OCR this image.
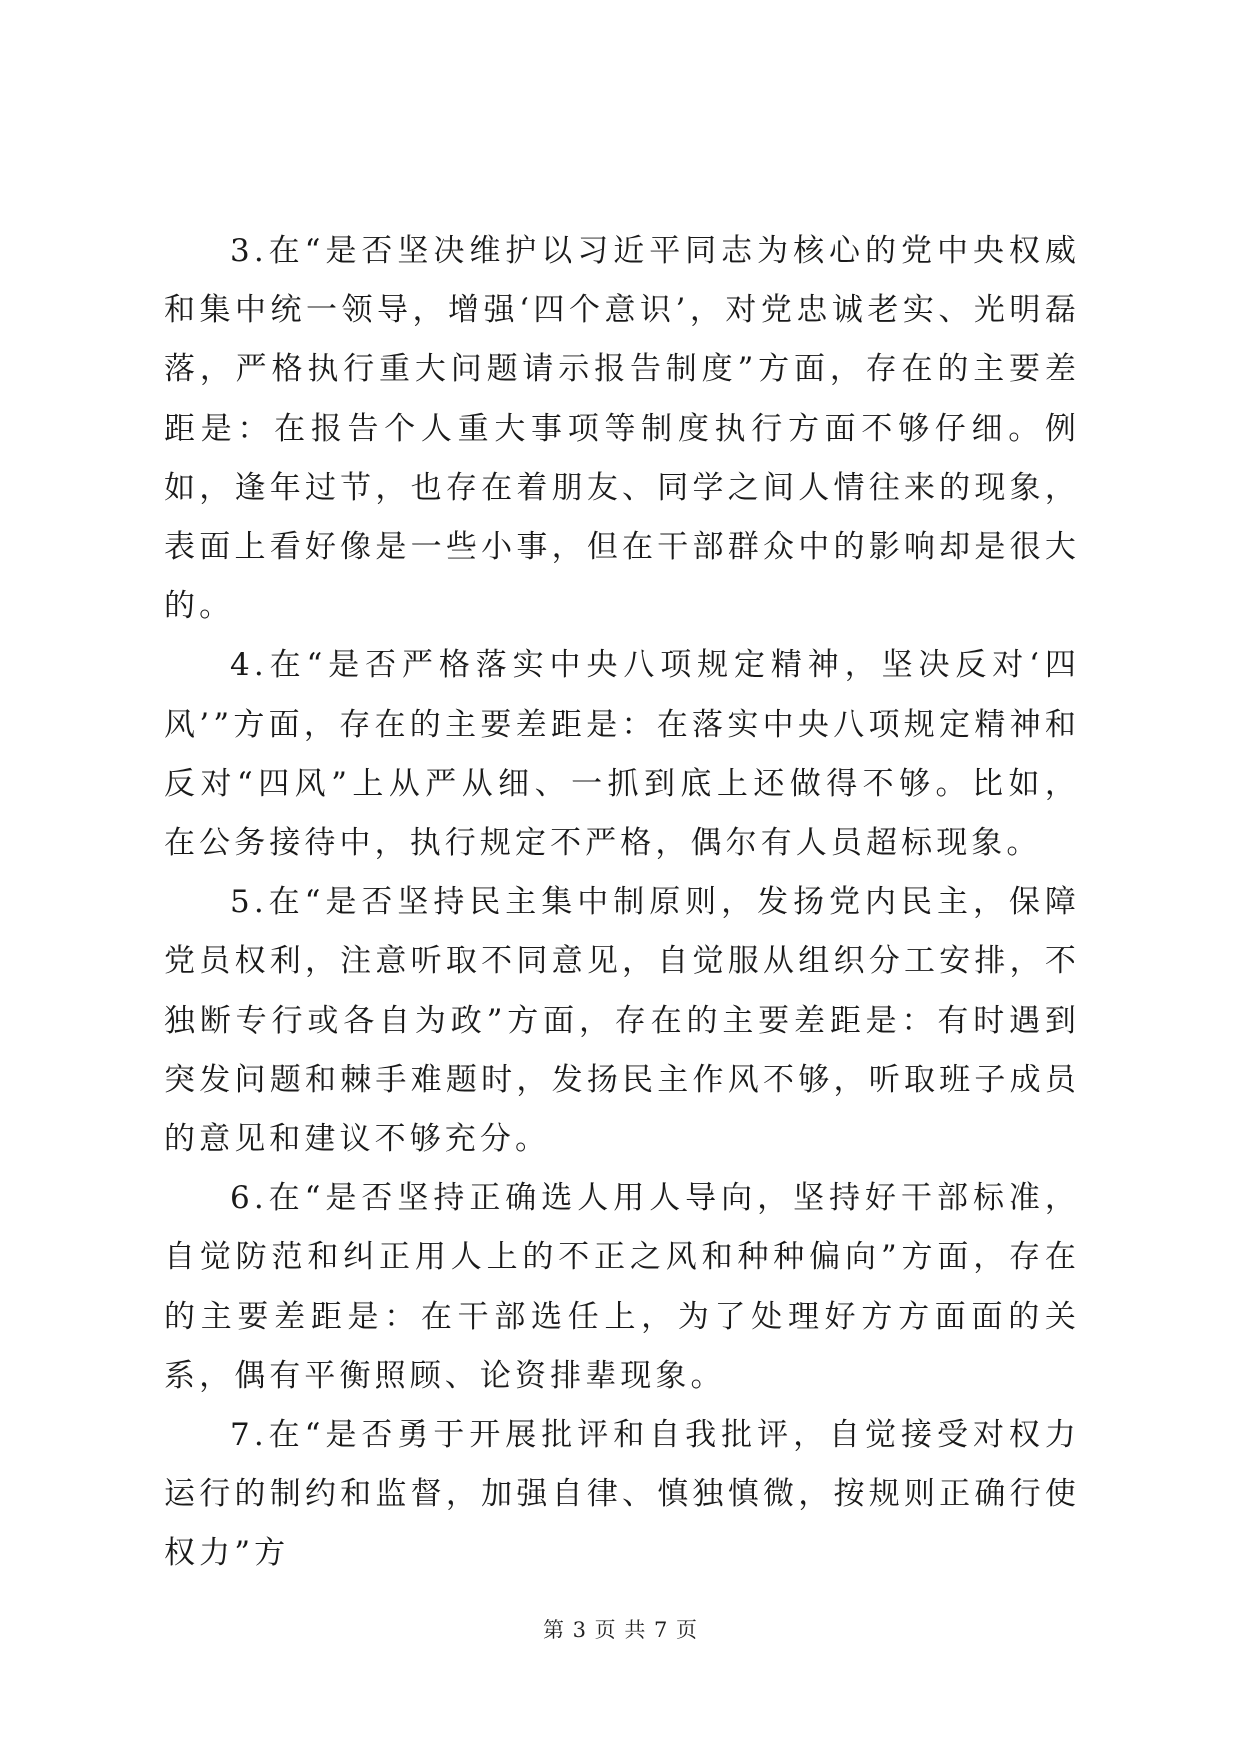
3.在“是否坚决维护以习近平同志为核心的党中央权威和集中统一领导，增强‘四个意识’，对党忠诚老实、光明磊落，严格执行重大问题请示报告制度”方面，存在的主要差距是：在报告个人重大事项等制度执行方面不够仔细。例如，逢年过节，也存在着朋友、同学之间人情往来的现象，表面上看好像是一些小事，但在干部群众中的影响却是很大的。

4.在“是否严格落实中央八项规定精神，坚决反对‘四风’”方面，存在的主要差距是：在落实中央八项规定精神和反对“四风”上从严从细、一抓到底上还做得不够。比如，在公务接待中，执行规定不严格，偶尔有人员超标现象。

5.在“是否坚持民主集中制原则，发扬党内民主，保障党员权利，注意听取不同意见，自觉服从组织分工安排，不独断专行或各自为政”方面，存在的主要差距是：有时遇到突发问题和棘手难题时，发扬民主作风不够，听取班子成员的意见和建议不够充分。

6.在“是否坚持正确选人用人导向，坚持好干部标准，自觉防范和纠正用人上的不正之风和种种偏向”方面，存在的主要差距是：在干部选任上，为了处理好方方面面的关系，偶有平衡照顾、论资排辈现象。

7.在“是否勇于开展批评和自我批评，自觉接受对权力运行的制约和监督，加强自律、慎独慎微，按规则正确行使权力”方

第 3 页 共 7 页
